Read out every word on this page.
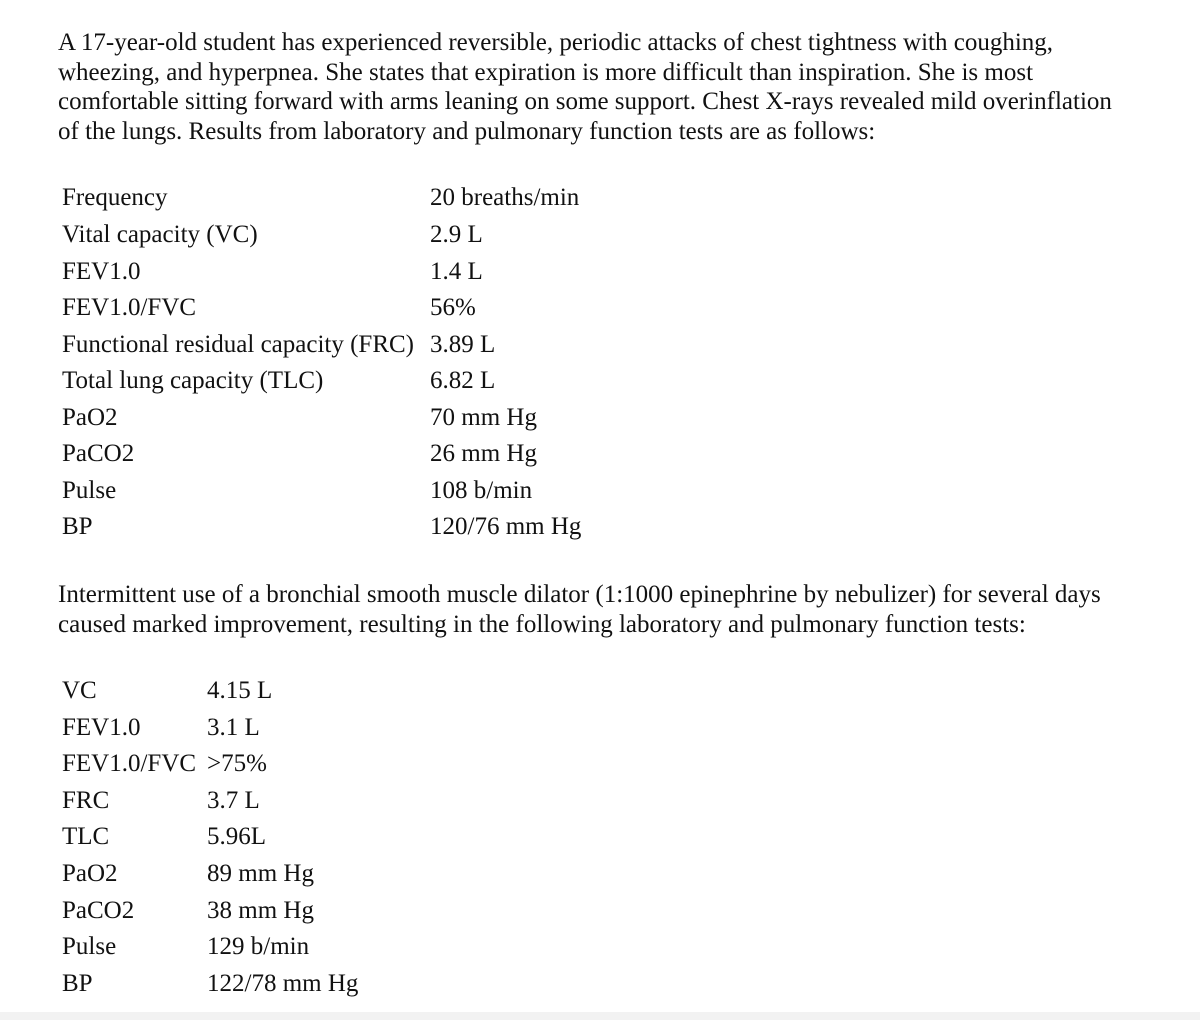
A 17-year-old student has experienced reversible, periodic attacks of chest tightness with coughing,
wheezing, and hyperpnea. She states that expiration is more difficult than inspiration. She is most
comfortable sitting forward with arms leaning on some support. Chest X-rays revealed mild overinflation
of the lungs. Results from laboratory and pulmonary function tests are as follows:

Frequency	20 breaths/min
Vital capacity (VC)	2.9 L
FEV1.0	1.4 L
FEV1.0/FVC	56%
Functional residual capacity (FRC) 3.89 L
Total lung capacity (TLC)	6.82 L
PaO2	70 mm Hg
PaCO2	26 mm Hg
Pulse	108 b/min
BP	120/76 mm Hg

Intermittent use of a bronchial smooth muscle dilator (1:1000 epinephrine by nebulizer) for several days
caused marked improvement, resulting in the following laboratory and pulmonary function tests:

VC	4.15 L
FEV1.0	3.1 L
FEV1.0/FVC >75%
FRC	3.7 L
TLC	5.96L
PaO2	89 mm Hg
PaCO2	38 mm Hg
Pulse	129 b/min
BP	122/78 mm Hg
